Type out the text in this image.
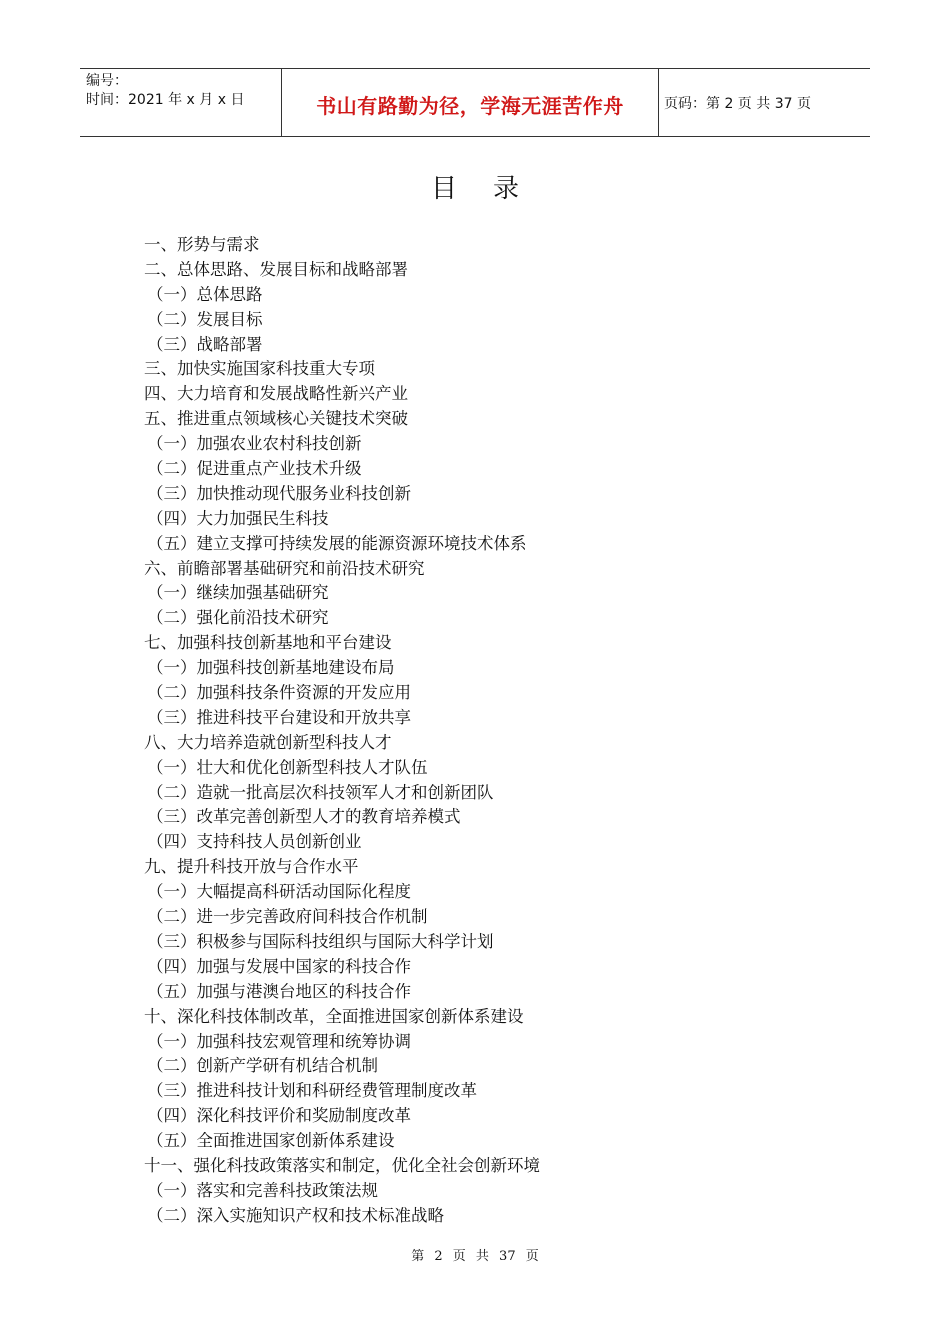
编号：
时间：2021 年 x 月 x 日	书山有路勤为径，学海无涯苦作舟	页码：第 2 页 共 37 页
目录
一、形势与需求
二、总体思路、发展目标和战略部署
（一）总体思路
（二）发展目标
（三）战略部署
三、加快实施国家科技重大专项
四、大力培育和发展战略性新兴产业
五、推进重点领域核心关键技术突破
（一）加强农业农村科技创新
（二）促进重点产业技术升级
（三）加快推动现代服务业科技创新
（四）大力加强民生科技
（五）建立支撑可持续发展的能源资源环境技术体系
六、前瞻部署基础研究和前沿技术研究
（一）继续加强基础研究
（二）强化前沿技术研究
七、加强科技创新基地和平台建设
（一）加强科技创新基地建设布局
（二）加强科技条件资源的开发应用
（三）推进科技平台建设和开放共享
八、大力培养造就创新型科技人才
（一）壮大和优化创新型科技人才队伍
（二）造就一批高层次科技领军人才和创新团队
（三）改革完善创新型人才的教育培养模式
（四）支持科技人员创新创业
九、提升科技开放与合作水平
（一）大幅提高科研活动国际化程度
（二）进一步完善政府间科技合作机制
（三）积极参与国际科技组织与国际大科学计划
（四）加强与发展中国家的科技合作
（五）加强与港澳台地区的科技合作
十、深化科技体制改革，全面推进国家创新体系建设
（一）加强科技宏观管理和统筹协调
（二）创新产学研有机结合机制
（三）推进科技计划和科研经费管理制度改革
（四）深化科技评价和奖励制度改革
（五）全面推进国家创新体系建设
十一、强化科技政策落实和制定，优化全社会创新环境
（一）落实和完善科技政策法规
（二）深入实施知识产权和技术标准战略
第 2 页 共 37 页
